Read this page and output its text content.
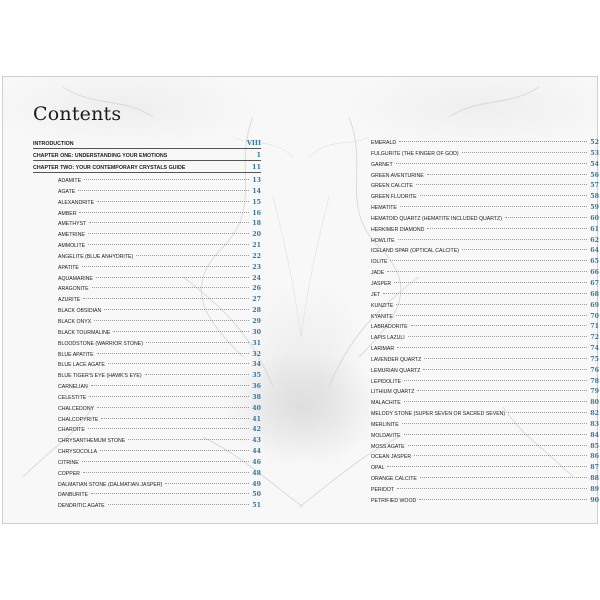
Contents
INTRODUCTION	VIII
CHAPTER ONE: UNDERSTANDING YOUR EMOTIONS	1
CHAPTER TWO: YOUR CONTEMPORARY CRYSTALS GUIDE	11
ADAMITE	13
AGATE	14
ALEXANDRITE	15
AMBER	16
AMETHYST	18
AMETRINE	20
AMMOLITE	21
ANGELITE (BLUE ANHYDRITE)	22
APATITE	23
AQUAMARINE	24
ARAGONITE	26
AZURITE	27
BLACK OBSIDIAN	28
BLACK ONYX	29
BLACK TOURMALINE	30
BLOODSTONE (WARRIOR STONE)	31
BLUE APATITE	32
BLUE LACE AGATE	34
BLUE TIGER'S EYE (HAWK'S EYE)	35
CARNELIAN	36
CELESTITE	38
CHALCEDONY	40
CHALCOPYRITE	41
CHAROITE	42
CHRYSANTHEMUM STONE	43
CHRYSOCOLLA	44
CITRINE	46
COPPER	48
DALMATIAN STONE (DALMATIAN JASPER)	49
DANBURITE	50
DENDRITIC AGATE	51
EMERALD	52
FULGURITE (THE FINGER OF GOD)	53
GARNET	54
GREEN AVENTURINE	56
GREEN CALCITE	57
GREEN FLUORITE	58
HEMATITE	59
HEMATOID QUARTZ (HEMATITE INCLUDED QUARTZ)	60
HERKIMER DIAMOND	61
HOWLITE	62
ICELAND SPAR (OPTICAL CALCITE)	64
IOLITE	65
JADE	66
JASPER	67
JET	68
KUNZITE	69
KYANITE	70
LABRADORITE	71
LAPIS LAZULI	72
LARIMAR	74
LAVENDER QUARTZ	75
LEMURIAN QUARTZ	76
LEPIDOLITE	78
LITHIUM QUARTZ	79
MALACHITE	80
MELODY STONE (SUPER SEVEN OR SACRED SEVEN)	82
MERLINITE	83
MOLDAVITE	84
MOSS AGATE	85
OCEAN JASPER	86
OPAL	87
ORANGE CALCITE	88
PERIDOT	89
PETRIFIED WOOD	90
